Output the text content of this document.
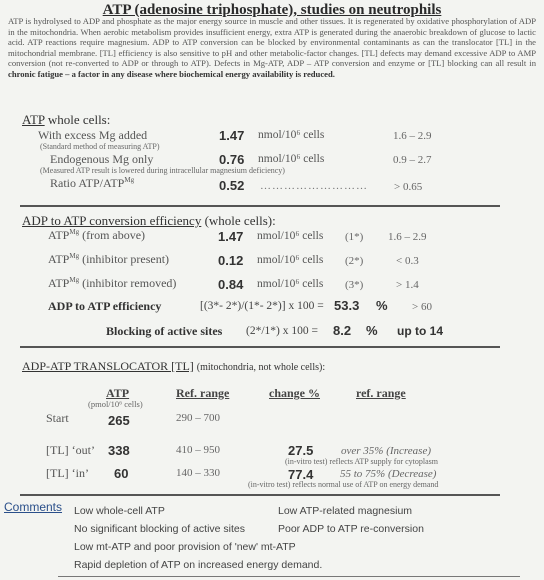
ATP (adenosine triphosphate), studies on neutrophils
ATP is hydrolysed to ADP and phosphate as the major energy source in muscle and other tissues. It is regenerated by oxidative phosphorylation of ADP in the mitochondria. When aerobic metabolism provides insufficient energy, extra ATP is generated during the anaerobic breakdown of glucose to lactic acid. ATP reactions require magnesium. ADP to ATP conversion can be blocked by environmental contaminants as can the translocator [TL] in the mitochondrial membrane. [TL] efficiency is also sensitive to pH and other metabolic-factor changes. [TL] defects may demand excessive ADP to AMP conversion (not re-converted to ADP or through to ATP). Defects in Mg-ATP, ADP – ATP conversion and enzyme or [TL] blocking can all result in chronic fatigue – a factor in any disease where biochemical energy availability is reduced.
ATP whole cells:
With excess Mg added
(Standard method of measuring ATP)
1.47 nmol/10⁶ cells	1.6 – 2.9
Endogenous Mg only
(Measured ATP result is lowered during intracellular magnesium deficiency)
0.76 nmol/10⁶ cells	0.9 – 2.7
Ratio ATP/$ATP^{Mg}$	0.52 ……………………… > 0.65
ADP to ATP conversion efficiency (whole cells):
$ATP^{Mg}$ (from above)	1.47 nmol/10⁶ cells (1*) 1.6 – 2.9
$ATP^{Mg}$ (inhibitor present)	0.12 nmol/10⁶ cells (2*)	< 0.3
$ATP^{Mg}$ (inhibitor removed)	0.84 nmol/10⁶ cells (3*)	> 1.4
ADP to ATP efficiency	[(3*- 2*)/(1*- 2*)] x 100 = 53.3 % > 60
Blocking of active sites (2*/1*) x 100 = 8.2 % up to 14
ADP-ATP TRANSLOCATOR [TL] (mitochondria, not whole cells):
ATP
(pmol/10⁶ cells)
Ref. range	change %	ref. range
Start	265	290 – 700
[TL] ‘out’ 338	410 – 950	27.5	over 35% (Increase)
(in-vitro test) reflects ATP supply for cytoplasm
[TL] ‘in’ 60	140 – 330	77.4 55 to 75% (Decrease)
(in-vitro test) reflects normal use of ATP on energy demand
Comments Low whole-cell ATP	Low ATP-related magnesium
No significant blocking of active sites	Poor ADP to ATP re-conversion
Low mt-ATP and poor provision of 'new' mt-ATP
Rapid depletion of ATP on increased energy demand.
